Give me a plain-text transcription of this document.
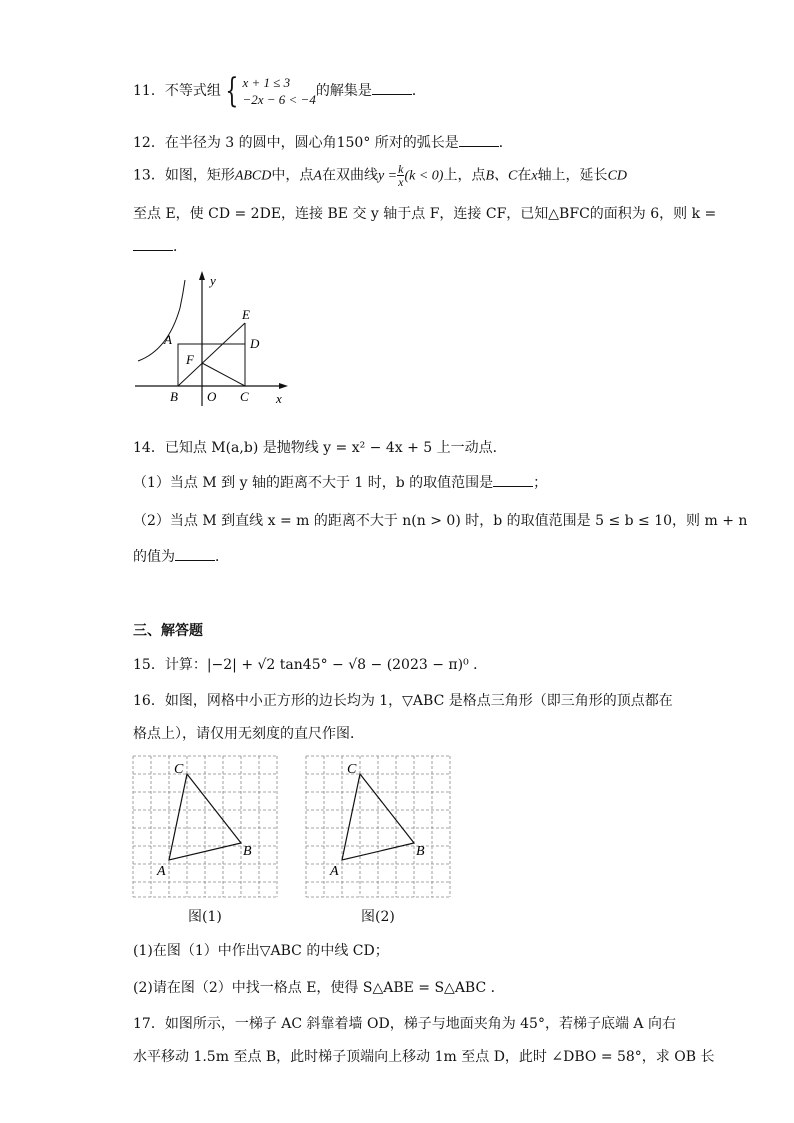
11．不等式组 { x + 1 ≤ 3
−2x − 6 < −4
的解集是	．
12．在半径为 3 的圆中，圆心角150° 所对的弧长是	．
13．如图，矩形ABCD中，点A在双曲线$y = \frac{k}{x} (k < 0)$上，点B、C在x轴上，延长CD
至点 E，使 CD = 2DE，连接 BE 交 y 轴于点 F，连接 CF，已知△BFC的面积为 6，则 k =
．
y
x
A
B	C
D
E
F
O
14．已知点 M(a,b) 是抛物线 y = x² − 4x + 5 上一动点．
（1）当点 M 到 y 轴的距离不大于 1 时，b 的取值范围是	；
（2）当点 M 到直线 x = m 的距离不大于 n(n > 0) 时，b 的取值范围是 5 ≤ b ≤ 10，则 m + n
的值为	．
三、解答题
15．计算：|−2| + √2 tan45° − √8 − (2023 − π)⁰ ．
16．如图，网格中小正方形的边长均为 1，▽ABC 是格点三角形（即三角形的顶点都在
格点上），请仅用无刻度的直尺作图．
A
B
C
A
B
C
图(1)	图(2)
(1)在图（1）中作出▽ABC 的中线 CD；
(2)请在图（2）中找一格点 E，使得 S△ABE = S△ABC ．
17．如图所示，一梯子 AC 斜靠着墙 OD，梯子与地面夹角为 45°，若梯子底端 A 向右
水平移动 1.5m 至点 B，此时梯子顶端向上移动 1m 至点 D，此时 ∠DBO = 58°，求 OB 长
